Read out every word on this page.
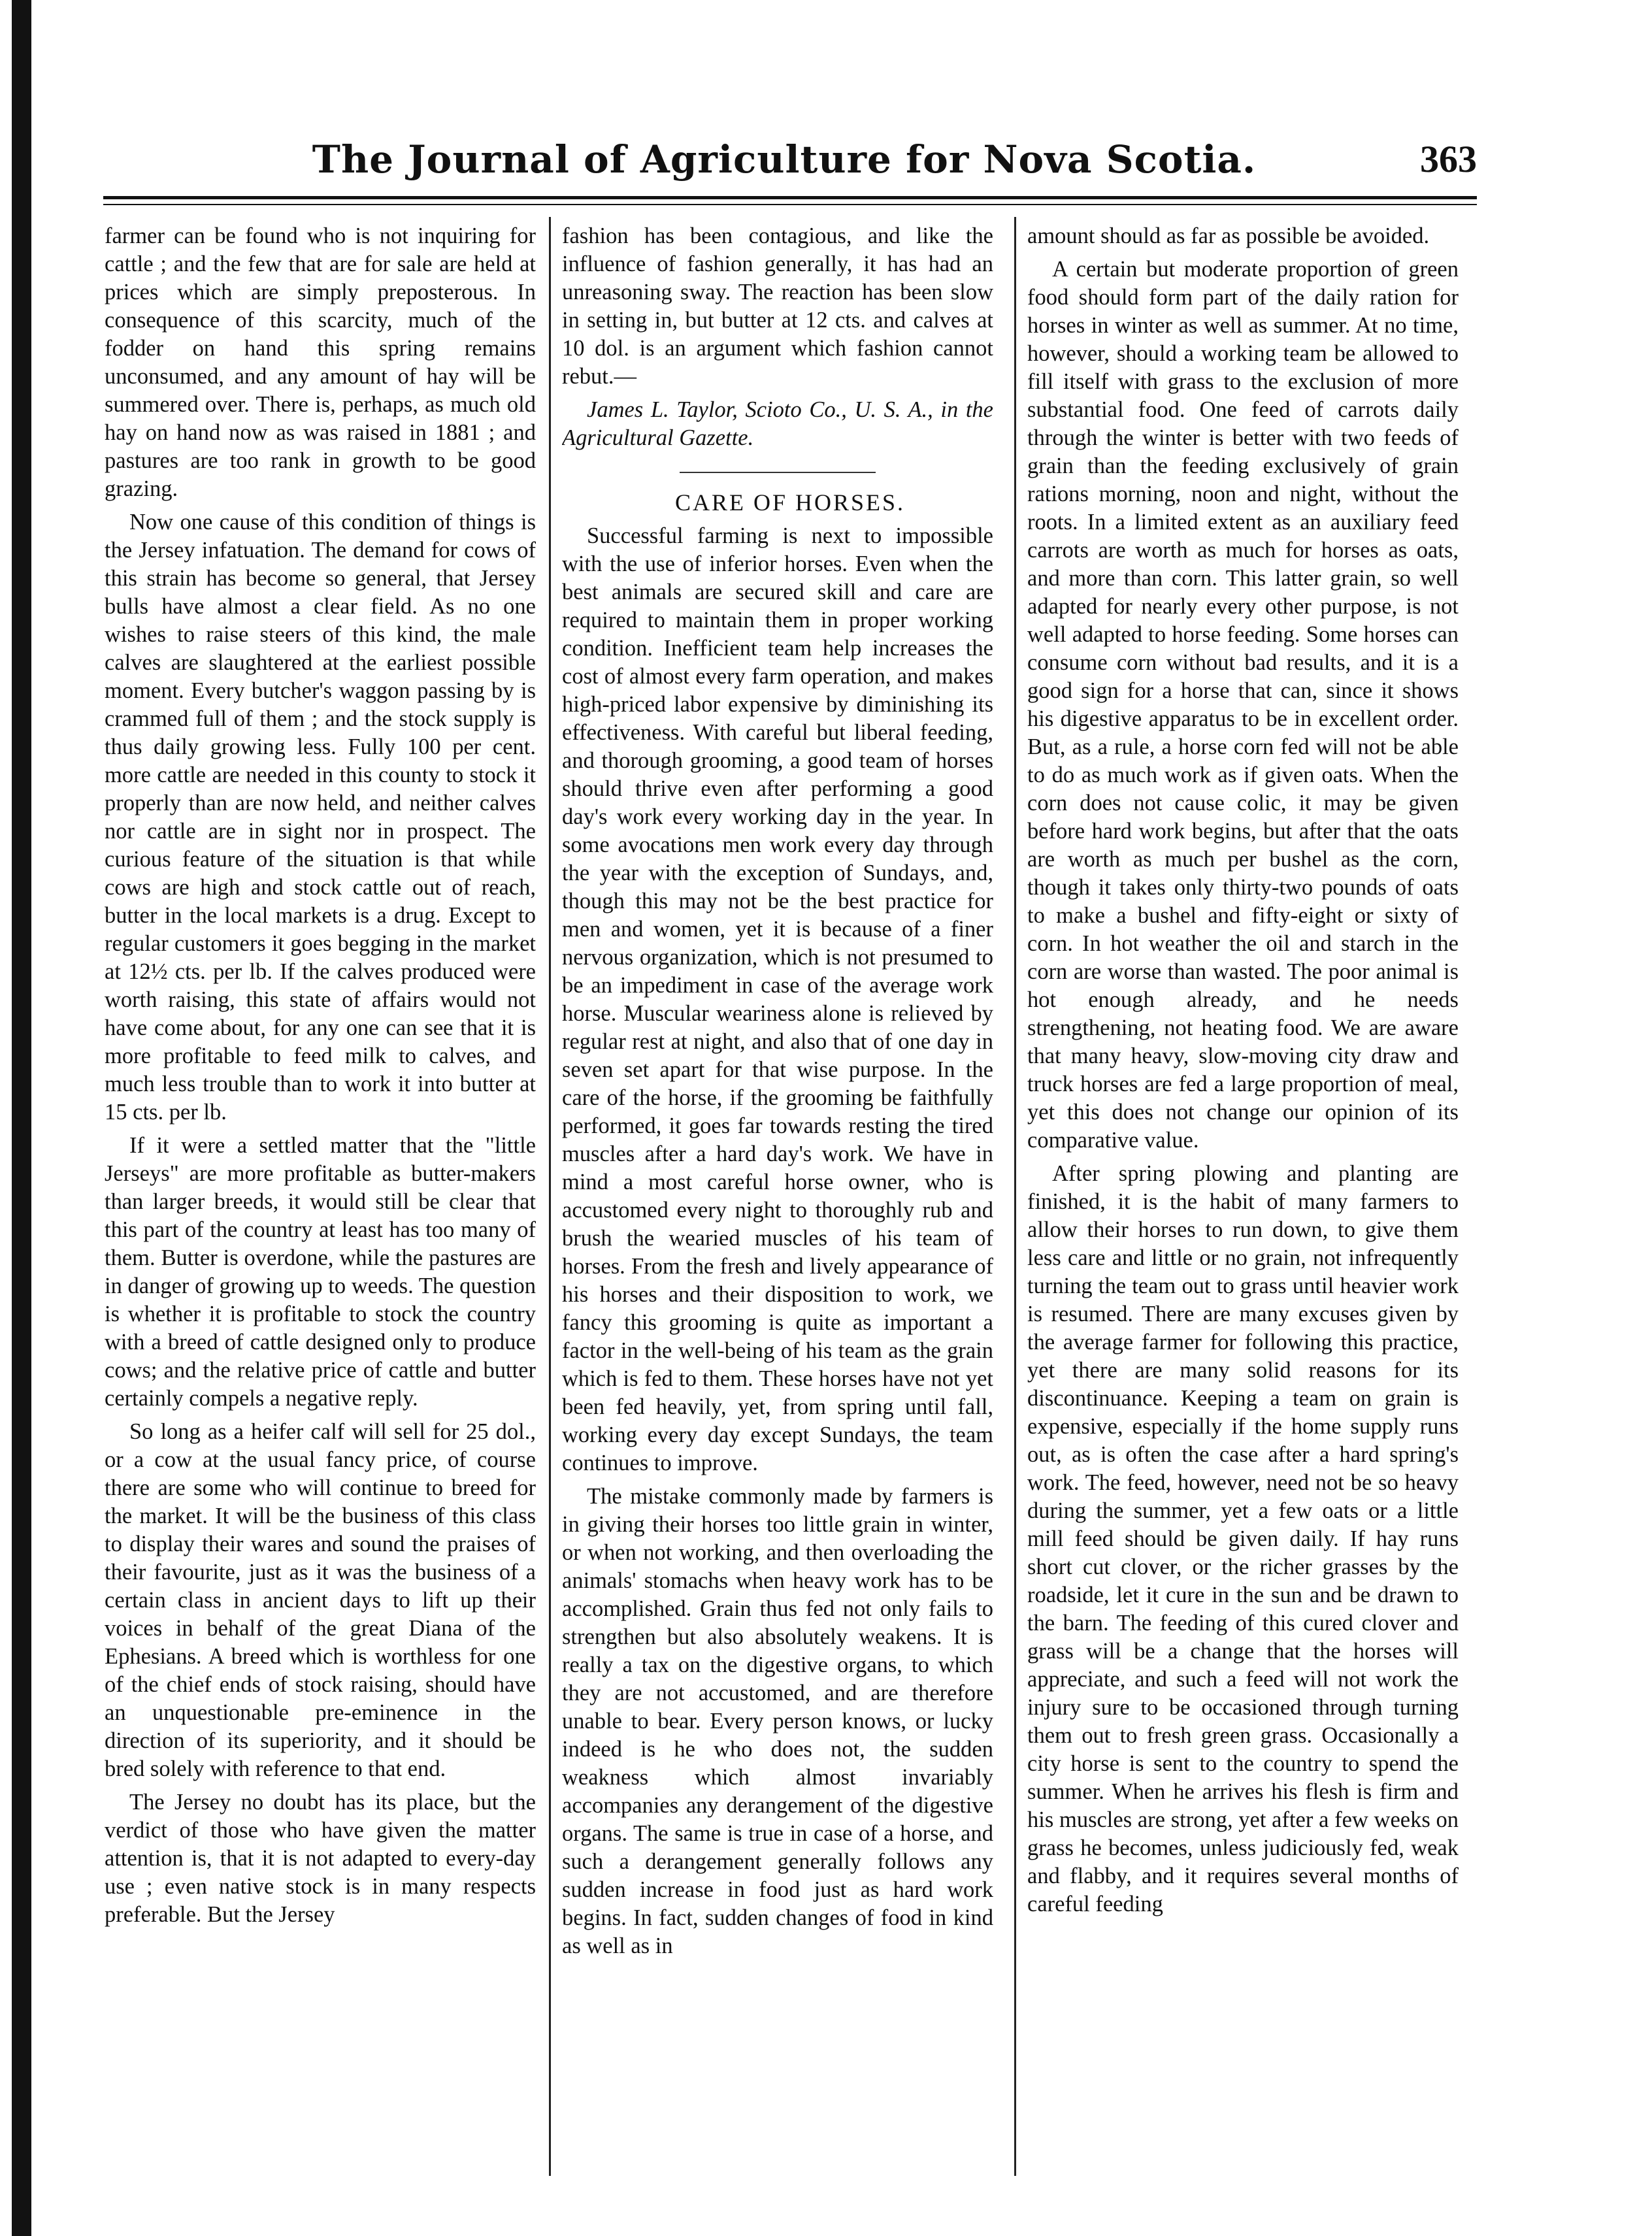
The Journal of Agriculture for Nova Scotia.	363

farmer can be found who is not inquiring for cattle ; and the few that are for sale are held at prices which are simply preposterous. In consequence of this scarcity, much of the fodder on hand this spring remains unconsumed, and any amount of hay will be summered over. There is, perhaps, as much old hay on hand now as was raised in 1881 ; and pastures are too rank in growth to be good grazing.

Now one cause of this condition of things is the Jersey infatuation. The demand for cows of this strain has become so general, that Jersey bulls have almost a clear field. As no one wishes to raise steers of this kind, the male calves are slaughtered at the earliest possible moment. Every butcher's waggon passing by is crammed full of them ; and the stock supply is thus daily growing less. Fully 100 per cent. more cattle are needed in this county to stock it properly than are now held, and neither calves nor cattle are in sight nor in prospect. The curious feature of the situation is that while cows are high and stock cattle out of reach, butter in the local markets is a drug. Except to regular customers it goes begging in the market at 12½ cts. per lb. If the calves produced were worth raising, this state of affairs would not have come about, for any one can see that it is more profitable to feed milk to calves, and much less trouble than to work it into butter at 15 cts. per lb.

If it were a settled matter that the "little Jerseys" are more profitable as butter-makers than larger breeds, it would still be clear that this part of the country at least has too many of them. Butter is overdone, while the pastures are in danger of growing up to weeds. The question is whether it is profitable to stock the country with a breed of cattle designed only to produce cows; and the relative price of cattle and butter certainly compels a negative reply.

So long as a heifer calf will sell for 25 dol., or a cow at the usual fancy price, of course there are some who will continue to breed for the market. It will be the business of this class to display their wares and sound the praises of their favourite, just as it was the business of a certain class in ancient days to lift up their voices in behalf of the great Diana of the Ephesians. A breed which is worthless for one of the chief ends of stock raising, should have an unquestionable pre-eminence in the direction of its superiority, and it should be bred solely with reference to that end.

The Jersey no doubt has its place, but the verdict of those who have given the matter attention is, that it is not adapted to every-day use ; even native stock is in many respects preferable. But the Jersey

fashion has been contagious, and like the influence of fashion generally, it has had an unreasoning sway. The reaction has been slow in setting in, but butter at 12 cts. and calves at 10 dol. is an argument which fashion cannot rebut.—

James L. Taylor, Scioto Co., U. S. A., in the Agricultural Gazette.

CARE OF HORSES.

Successful farming is next to impossible with the use of inferior horses. Even when the best animals are secured skill and care are required to maintain them in proper working condition. Inefficient team help increases the cost of almost every farm operation, and makes high-priced labor expensive by diminishing its effectiveness. With careful but liberal feeding, and thorough grooming, a good team of horses should thrive even after performing a good day's work every working day in the year. In some avocations men work every day through the year with the exception of Sundays, and, though this may not be the best practice for men and women, yet it is because of a finer nervous organization, which is not presumed to be an impediment in case of the average work horse. Muscular weariness alone is relieved by regular rest at night, and also that of one day in seven set apart for that wise purpose. In the care of the horse, if the grooming be faithfully performed, it goes far towards resting the tired muscles after a hard day's work. We have in mind a most careful horse owner, who is accustomed every night to thoroughly rub and brush the wearied muscles of his team of horses. From the fresh and lively appearance of his horses and their disposition to work, we fancy this grooming is quite as important a factor in the well-being of his team as the grain which is fed to them. These horses have not yet been fed heavily, yet, from spring until fall, working every day except Sundays, the team continues to improve.

The mistake commonly made by farmers is in giving their horses too little grain in winter, or when not working, and then overloading the animals' stomachs when heavy work has to be accomplished. Grain thus fed not only fails to strengthen but also absolutely weakens. It is really a tax on the digestive organs, to which they are not accustomed, and are therefore unable to bear. Every person knows, or lucky indeed is he who does not, the sudden weakness which almost invariably accompanies any derangement of the digestive organs. The same is true in case of a horse, and such a derangement generally follows any sudden increase in food just as hard work begins. In fact, sudden changes of food in kind as well as in

amount should as far as possible be avoided.

A certain but moderate proportion of green food should form part of the daily ration for horses in winter as well as summer. At no time, however, should a working team be allowed to fill itself with grass to the exclusion of more substantial food. One feed of carrots daily through the winter is better with two feeds of grain than the feeding exclusively of grain rations morning, noon and night, without the roots. In a limited extent as an auxiliary feed carrots are worth as much for horses as oats, and more than corn. This latter grain, so well adapted for nearly every other purpose, is not well adapted to horse feeding. Some horses can consume corn without bad results, and it is a good sign for a horse that can, since it shows his digestive apparatus to be in excellent order. But, as a rule, a horse corn fed will not be able to do as much work as if given oats. When the corn does not cause colic, it may be given before hard work begins, but after that the oats are worth as much per bushel as the corn, though it takes only thirty-two pounds of oats to make a bushel and fifty-eight or sixty of corn. In hot weather the oil and starch in the corn are worse than wasted. The poor animal is hot enough already, and he needs strengthening, not heating food. We are aware that many heavy, slow-moving city draw and truck horses are fed a large proportion of meal, yet this does not change our opinion of its comparative value.

After spring plowing and planting are finished, it is the habit of many farmers to allow their horses to run down, to give them less care and little or no grain, not infrequently turning the team out to grass until heavier work is resumed. There are many excuses given by the average farmer for following this practice, yet there are many solid reasons for its discontinuance. Keeping a team on grain is expensive, especially if the home supply runs out, as is often the case after a hard spring's work. The feed, however, need not be so heavy during the summer, yet a few oats or a little mill feed should be given daily. If hay runs short cut clover, or the richer grasses by the roadside, let it cure in the sun and be drawn to the barn. The feeding of this cured clover and grass will be a change that the horses will appreciate, and such a feed will not work the injury sure to be occasioned through turning them out to fresh green grass. Occasionally a city horse is sent to the country to spend the summer. When he arrives his flesh is firm and his muscles are strong, yet after a few weeks on grass he becomes, unless judiciously fed, weak and flabby, and it requires several months of careful feeding
